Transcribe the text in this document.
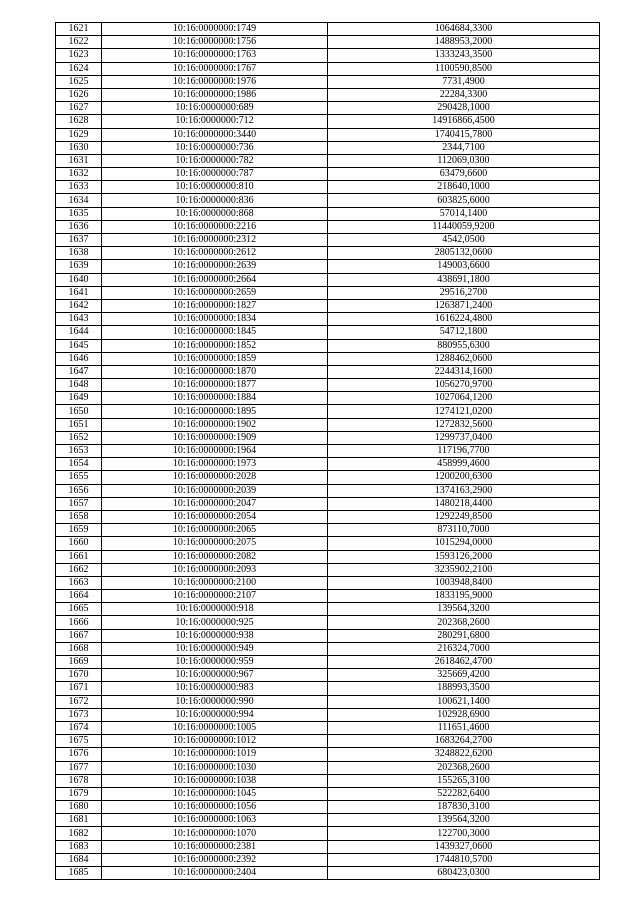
1621	10:16:0000000:1749	1064684,3300
1622	10:16:0000000:1756	1488953,2000
1623	10:16:0000000:1763	1333243,3500
1624	10:16:0000000:1767	1100590,8500
1625	10:16:0000000:1976	7731,4900
1626	10:16:0000000:1986	22284,3300
1627	10:16:0000000:689	290428,1000
1628	10:16:0000000:712	14916866,4500
1629	10:16:0000000:3440	1740415,7800
1630	10:16:0000000:736	2344,7100
1631	10:16:0000000:782	112069,0300
1632	10:16:0000000:787	63479,6600
1633	10:16:0000000:810	218640,1000
1634	10:16:0000000:836	603825,6000
1635	10:16:0000000:868	57014,1400
1636	10:16:0000000:2216	11440059,9200
1637	10:16:0000000:2312	4542,0500
1638	10:16:0000000:2612	2805132,0600
1639	10:16:0000000:2639	149003,6600
1640	10:16:0000000:2664	438691,1800
1641	10:16:0000000:2659	29516,2700
1642	10:16:0000000:1827	1263871,2400
1643	10:16:0000000:1834	1616224,4800
1644	10:16:0000000:1845	54712,1800
1645	10:16:0000000:1852	880955,6300
1646	10:16:0000000:1859	1288462,0600
1647	10:16:0000000:1870	2244314,1600
1648	10:16:0000000:1877	1056270,9700
1649	10:16:0000000:1884	1027064,1200
1650	10:16:0000000:1895	1274121,0200
1651	10:16:0000000:1902	1272832,5600
1652	10:16:0000000:1909	1299737,0400
1653	10:16:0000000:1964	117196,7700
1654	10:16:0000000:1973	458999,4600
1655	10:16:0000000:2028	1200200,6300
1656	10:16:0000000:2039	1374163,2900
1657	10:16:0000000:2047	1480218,4400
1658	10:16:0000000:2054	1292249,8500
1659	10:16:0000000:2065	873110,7000
1660	10:16:0000000:2075	1015294,0000
1661	10:16:0000000:2082	1593126,2000
1662	10:16:0000000:2093	3235902,2100
1663	10:16:0000000:2100	1003948,8400
1664	10:16:0000000:2107	1833195,9000
1665	10:16:0000000:918	139564,3200
1666	10:16:0000000:925	202368,2600
1667	10:16:0000000:938	280291,6800
1668	10:16:0000000:949	216324,7000
1669	10:16:0000000:959	2618462,4700
1670	10:16:0000000:967	325669,4200
1671	10:16:0000000:983	188993,3500
1672	10:16:0000000:990	100621,1400
1673	10:16:0000000:994	102928,6900
1674	10:16:0000000:1005	111651,4600
1675	10:16:0000000:1012	1683264,2700
1676	10:16:0000000:1019	3248822,6200
1677	10:16:0000000:1030	202368,2600
1678	10:16:0000000:1038	155265,3100
1679	10:16:0000000:1045	522282,6400
1680	10:16:0000000:1056	187830,3100
1681	10:16:0000000:1063	139564,3200
1682	10:16:0000000:1070	122700,3000
1683	10:16:0000000:2381	1439327,0600
1684	10:16:0000000:2392	1744810,5700
1685	10:16:0000000:2404	680423,0300
